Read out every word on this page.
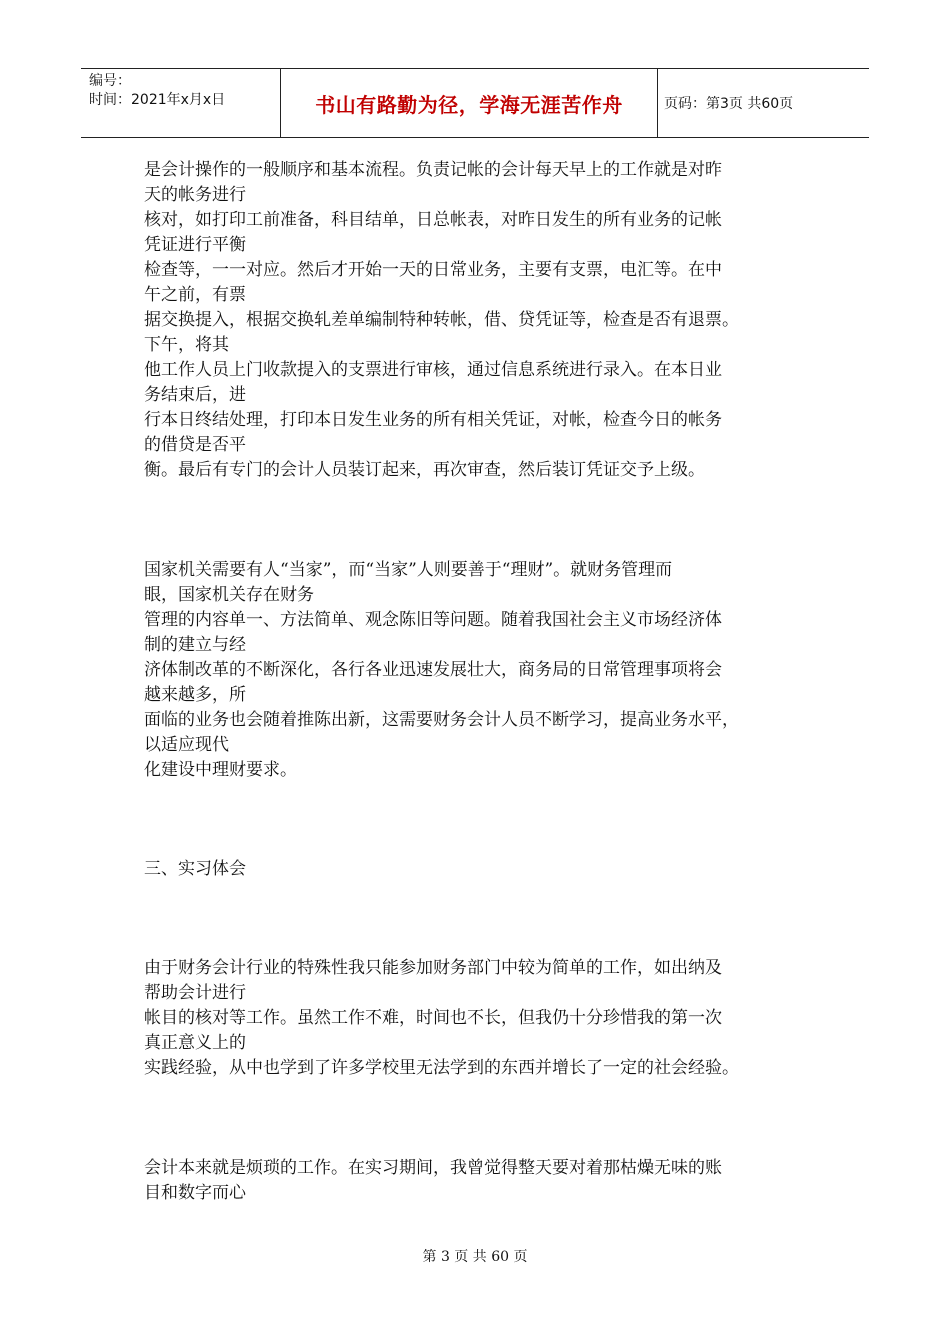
编号：
时间：2021年x月x日	书山有路勤为径，学海无涯苦作舟	页码：第3页 共60页

是会计操作的一般顺序和基本流程。负责记帐的会计每天早上的工作就是对昨

天的帐务进行

核对，如打印工前准备，科目结单，日总帐表，对昨日发生的所有业务的记帐

凭证进行平衡

检查等，一一对应。然后才开始一天的日常业务，主要有支票，电汇等。在中

午之前，有票

据交换提入，根据交换轧差单编制特种转帐，借、贷凭证等，检查是否有退票。

下午，将其

他工作人员上门收款提入的支票进行审核，通过信息系统进行录入。在本日业

务结束后，进

行本日终结处理，打印本日发生业务的所有相关凭证，对帐，检查今日的帐务

的借贷是否平

衡。最后有专门的会计人员装订起来，再次审查，然后装订凭证交予上级。

国家机关需要有人“当家”，而“当家”人则要善于“理财”。就财务管理而

眼，国家机关存在财务

管理的内容单一、方法简单、观念陈旧等问题。随着我国社会主义市场经济体

制的建立与经

济体制改革的不断深化，各行各业迅速发展壮大，商务局的日常管理事项将会

越来越多，所

面临的业务也会随着推陈出新，这需要财务会计人员不断学习，提高业务水平，

以适应现代

化建设中理财要求。

三、实习体会

由于财务会计行业的特殊性我只能参加财务部门中较为简单的工作，如出纳及

帮助会计进行

帐目的核对等工作。虽然工作不难，时间也不长，但我仍十分珍惜我的第一次

真正意义上的

实践经验，从中也学到了许多学校里无法学到的东西并增长了一定的社会经验。

会计本来就是烦琐的工作。在实习期间，我曾觉得整天要对着那枯燥无味的账

目和数字而心

第 3 页 共 60 页
